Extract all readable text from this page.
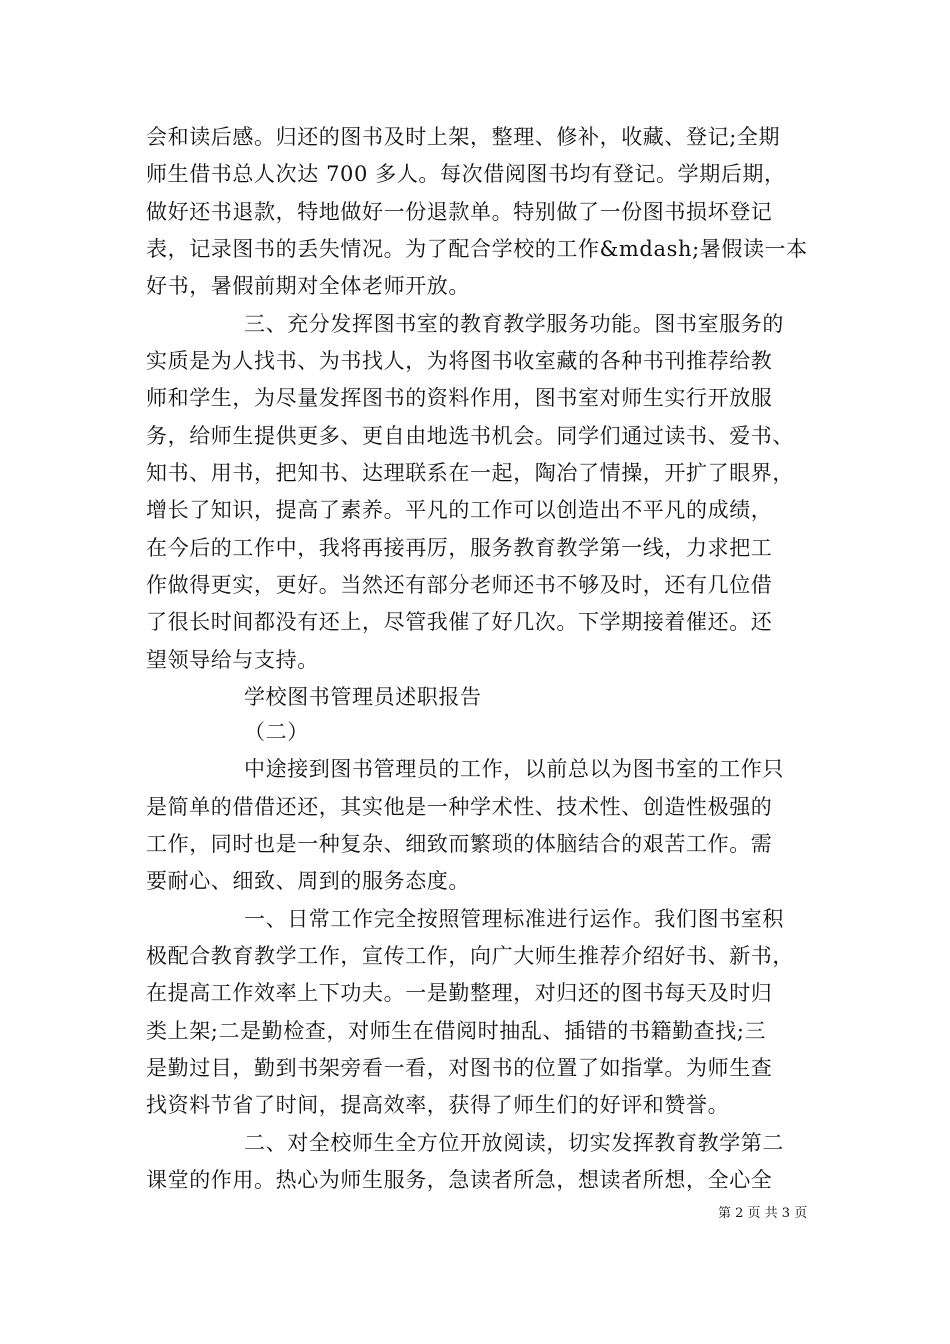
会和读后感。归还的图书及时上架，整理、修补，收藏、登记;全期
师生借书总人次达 700 多人。每次借阅图书均有登记。学期后期，
做好还书退款，特地做好一份退款单。特别做了一份图书损坏登记
表，记录图书的丢失情况。为了配合学校的工作&mdash;暑假读一本
好书，暑假前期对全体老师开放。
三、充分发挥图书室的教育教学服务功能。图书室服务的
实质是为人找书、为书找人，为将图书收室藏的各种书刊推荐给教
师和学生，为尽量发挥图书的资料作用，图书室对师生实行开放服
务，给师生提供更多、更自由地选书机会。同学们通过读书、爱书、
知书、用书，把知书、达理联系在一起，陶冶了情操，开扩了眼界，
增长了知识，提高了素养。平凡的工作可以创造出不平凡的成绩，
在今后的工作中，我将再接再厉，服务教育教学第一线，力求把工
作做得更实，更好。当然还有部分老师还书不够及时，还有几位借
了很长时间都没有还上，尽管我催了好几次。下学期接着催还。还
望领导给与支持。
学校图书管理员述职报告
（二）
中途接到图书管理员的工作，以前总以为图书室的工作只
是简单的借借还还，其实他是一种学术性、技术性、创造性极强的
工作，同时也是一种复杂、细致而繁琐的体脑结合的艰苦工作。需
要耐心、细致、周到的服务态度。
一、日常工作完全按照管理标准进行运作。我们图书室积
极配合教育教学工作，宣传工作，向广大师生推荐介绍好书、新书，
在提高工作效率上下功夫。一是勤整理，对归还的图书每天及时归
类上架;二是勤检查，对师生在借阅时抽乱、插错的书籍勤查找;三
是勤过目，勤到书架旁看一看，对图书的位置了如指掌。为师生查
找资料节省了时间，提高效率，获得了师生们的好评和赞誉。
二、对全校师生全方位开放阅读，切实发挥教育教学第二
课堂的作用。热心为师生服务，急读者所急，想读者所想，全心全
第 2 页 共 3 页
